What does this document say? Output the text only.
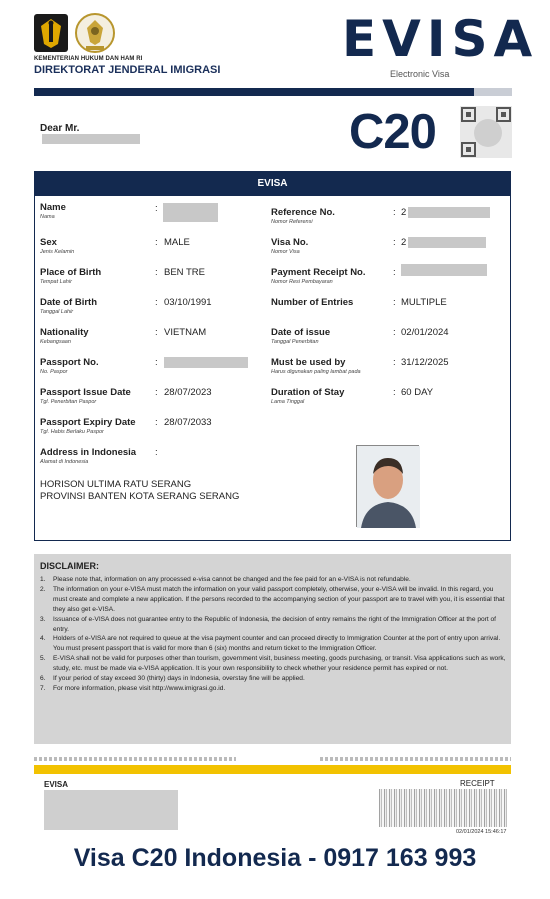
KEMENTERIAN HUKUM DAN HAM RI
DIREKTORAT JENDERAL IMIGRASI
EVISA
Electronic Visa
Dear Mr.	C20
EVISA
Name
Nama
:
Sex
Jenis Kelamin
: MALE
Place of Birth
Tempat Lahir
: BEN TRE
Date of Birth
Tanggal Lahir
: 03/10/1991
Nationality
Kebangsaan
: VIETNAM
Passport No.
No. Paspor
:
Passport Issue Date
Tgl. Penerbitan Paspor
: 28/07/2023
Passport Expiry Date
Tgl. Habis Berlaku Paspor
: 28/07/2033
Address in Indonesia
Alamat di Indonesia
:
HORISON ULTIMA RATU SERANG
PROVINSI BANTEN KOTA SERANG SERANG
Reference No.
Nomor Referensi
: 2
Visa No.
Nomor Visa
: 2
Payment Receipt No.
Nomor Resi Pembayaran
:
Number of Entries	: MULTIPLE
Date of issue
Tanggal Penerbitan
: 02/01/2024
Must be used by
Harus digunakan paling lambat pada
: 31/12/2025
Duration of Stay
Lama Tinggal
: 60 DAY
DISCLAIMER:
1. Please note that, information on any processed e-visa cannot be changed and the fee paid for an e-VISA is not refundable.
2. The information on your e-VISA must match the information on your valid passport completely, otherwise, your e-VISA will be invalid. In this regard, you must create and complete a new application. If the persons recorded to the accompanying section of your passport are to travel with you, it is essential that they also get e-VISA.
3. Issuance of e-VISA does not guarantee entry to the Republic of Indonesia, the decision of entry remains the right of the Immigration Officer at the port of entry.
4. Holders of e-VISA are not required to queue at the visa payment counter and can proceed directly to Immigration Counter at the port of entry upon arrival. You must present passport that is valid for more than 6 (six) months and return ticket to the Immigration Officer.
5. E-VISA shall not be valid for purposes other than tourism, government visit, business meeting, goods purchasing, or transit. Visa applications such as work, study, etc. must be made via e-VISA application. It is your own responsibility to check whether your residence permit has expired or not.
6. If your period of stay exceed 30 (thirty) days in Indonesia, overstay fine will be applied.
7. For more information, please visit http://www.imigrasi.go.id.
EVISA	RECEIPT
02/01/2024 15:46:17
Visa C20 Indonesia - 0917 163 993
